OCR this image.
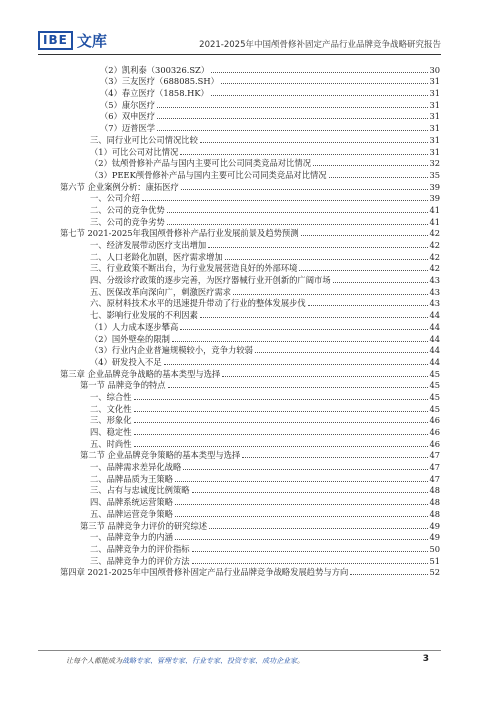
IBE 文库	2021-2025年中国颅骨修补固定产品行业品牌竞争战略研究报告
（2）凯利泰（300326.SZ）	30
（3）三友医疗（688085.SH）	31
（4）春立医疗（1858.HK）	31
（5）康尔医疗	31
（6）双申医疗	31
（7）迈普医学	31
三、同行业可比公司情况比较	31
（1）可比公司对比情况	31
（2）钛颅骨修补产品与国内主要可比公司同类竞品对比情况	32
（3）PEEK颅骨修补产品与国内主要可比公司同类竞品对比情况	35
第六节 企业案例分析：康拓医疗	39
一、公司介绍	39
二、公司的竞争优势	41
三、公司的竞争劣势	41
第七节 2021-2025年我国颅骨修补产品行业发展前景及趋势预测	42
一、经济发展带动医疗支出增加	42
二、人口老龄化加剧，医疗需求增加	42
三、行业政策不断出台，为行业发展营造良好的外部环境	42
四、分级诊疗政策的逐步完善，为医疗器械行业开创新的广阔市场	43
五、医保改革向深向广，刺激医疗需求	43
六、原材料技术水平的迅速提升带动了行业的整体发展步伐	43
七、影响行业发展的不利因素	44
（1）人力成本逐步攀高	44
（2）国外壁垒的限制	44
（3）行业内企业普遍规模较小，竞争力较弱	44
（4）研发投入不足	44
第三章 企业品牌竞争战略的基本类型与选择	45
第一节 品牌竞争的特点	45
一、综合性	45
二、文化性	45
三、形象化	46
四、稳定性	46
五、时尚性	46
第二节 企业品牌竞争策略的基本类型与选择	47
一、品牌需求差异化战略	47
二、品牌品质为王策略	47
三、占有与忠诚度比例策略	48
四、品牌系统运营策略	48
五、品牌运营竞争策略	48
第三节 品牌竞争力评价的研究综述	49
一、品牌竞争力的内涵	49
二、品牌竞争力的评价指标	50
三、品牌竞争力的评价方法	51
第四章 2021-2025年中国颅骨修补固定产品行业品牌竞争战略发展趋势与方向	52
让每个人都能成为战略专家、管理专家、行业专家、投资专家、成功企业家。	3
